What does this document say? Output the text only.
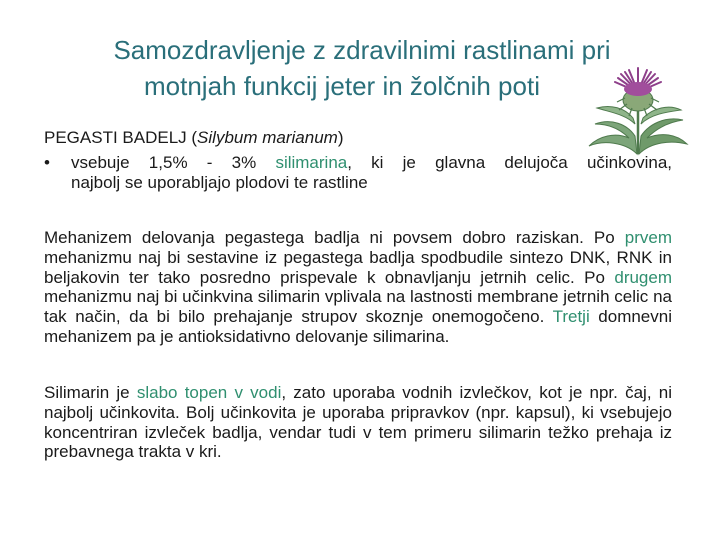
Samozdravljenje z zdravilnimi rastlinami pri
motnjah funkcij jeter in žolčnih poti
PEGASTI BADELJ (Silybum marianum)
•	vsebuje 1,5% - 3% silimarina, ki je glavna delujoča učinkovina,
najbolj se uporabljajo plodovi te rastline
Mehanizem delovanja pegastega badlja ni povsem dobro raziskan. Po prvem mehanizmu naj bi sestavine iz pegastega badlja spodbudile sintezo DNK, RNK in beljakovin ter tako posredno prispevale k obnavljanju jetrnih celic. Po drugem mehanizmu naj bi učinkvina silimarin vplivala na lastnosti membrane jetrnih celic na tak način, da bi bilo prehajanje strupov skoznje onemogočeno. Tretji domnevni mehanizem pa je antioksidativno delovanje silimarina.
Silimarin je slabo topen v vodi, zato uporaba vodnih izvlečkov, kot je npr. čaj, ni najbolj učinkovita. Bolj učinkovita je uporaba pripravkov (npr. kapsul), ki vsebujejo koncentriran izvleček badlja, vendar tudi v tem primeru silimarin težko prehaja iz prebavnega trakta v kri.
